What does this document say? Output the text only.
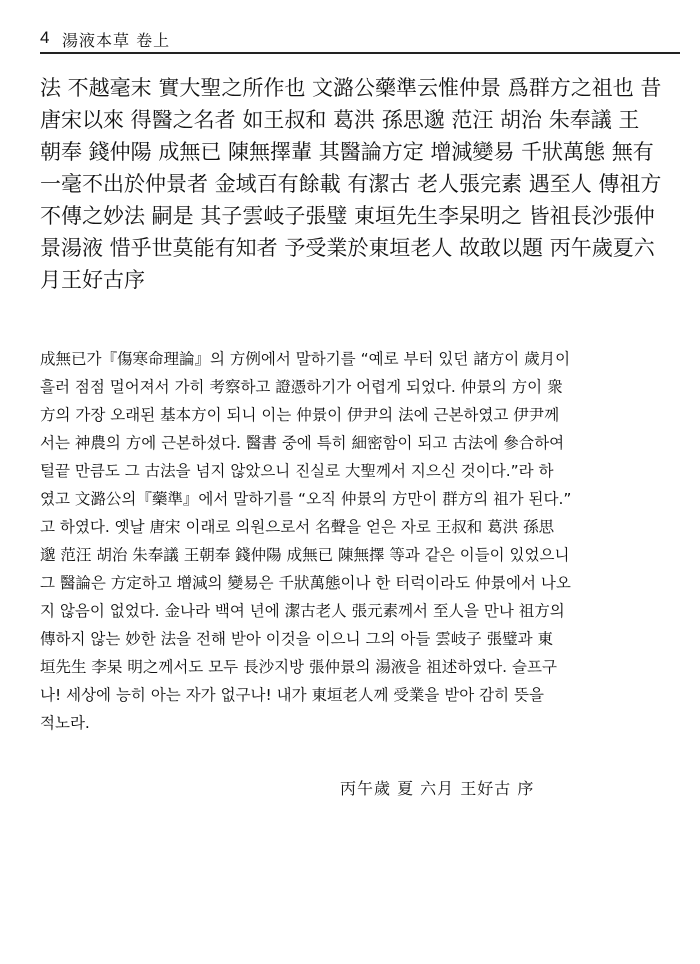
4 湯液本草 卷上
法 不越毫末 實大聖之所作也 文潞公藥準云惟仲景 爲群方之祖也 昔
唐宋以來 得醫之名者 如王叔和 葛洪 孫思邈 范汪 胡治 朱奉議 王
朝奉 錢仲陽 成無已 陳無擇輩 其醫論方定 增減變易 千狀萬態 無有
一毫不出於仲景者 金域百有餘載 有潔古 老人張完素 遇至人 傳祖方
不傳之妙法 嗣是 其子雲岐子張璧 東垣先生李杲明之 皆祖長沙張仲
景湯液 惜乎世莫能有知者 予受業於東垣老人 故敢以題 丙午歲夏六
月王好古序
成無已가『傷寒命理論』의 方例에서 말하기를 “예로 부터 있던 諸方이 歲月이
흘러 점점 멀어져서 가히 考察하고 證憑하기가 어렵게 되었다. 仲景의 方이 衆
方의 가장 오래된 基本方이 되니 이는 仲景이 伊尹의 法에 근본하였고 伊尹께
서는 神農의 方에 근본하셨다. 醫書 중에 특히 細密함이 되고 古法에 參合하여
털끝 만큼도 그 古法을 넘지 않았으니 진실로 大聖께서 지으신 것이다.”라 하
였고 文潞公의『藥準』에서 말하기를 “오직 仲景의 方만이 群方의 祖가 된다.”
고 하였다. 옛날 唐宋 이래로 의원으로서 名聲을 얻은 자로 王叔和 葛洪 孫思
邈 范汪 胡治 朱奉議 王朝奉 錢仲陽 成無已 陳無擇 等과 같은 이들이 있었으니
그 醫論은 方定하고 增減의 變易은 千狀萬態이나 한 터럭이라도 仲景에서 나오
지 않음이 없었다. 金나라 백여 년에 潔古老人 張元素께서 至人을 만나 祖方의
傳하지 않는 妙한 法을 전해 받아 이것을 이으니 그의 아들 雲岐子 張璧과 東
垣先生 李杲 明之께서도 모두 長沙지방 張仲景의 湯液을 祖述하였다. 슬프구
나! 세상에 능히 아는 자가 없구나! 내가 東垣老人께 受業을 받아 감히 뜻을
적노라.
丙午歲 夏 六月 王好古 序
